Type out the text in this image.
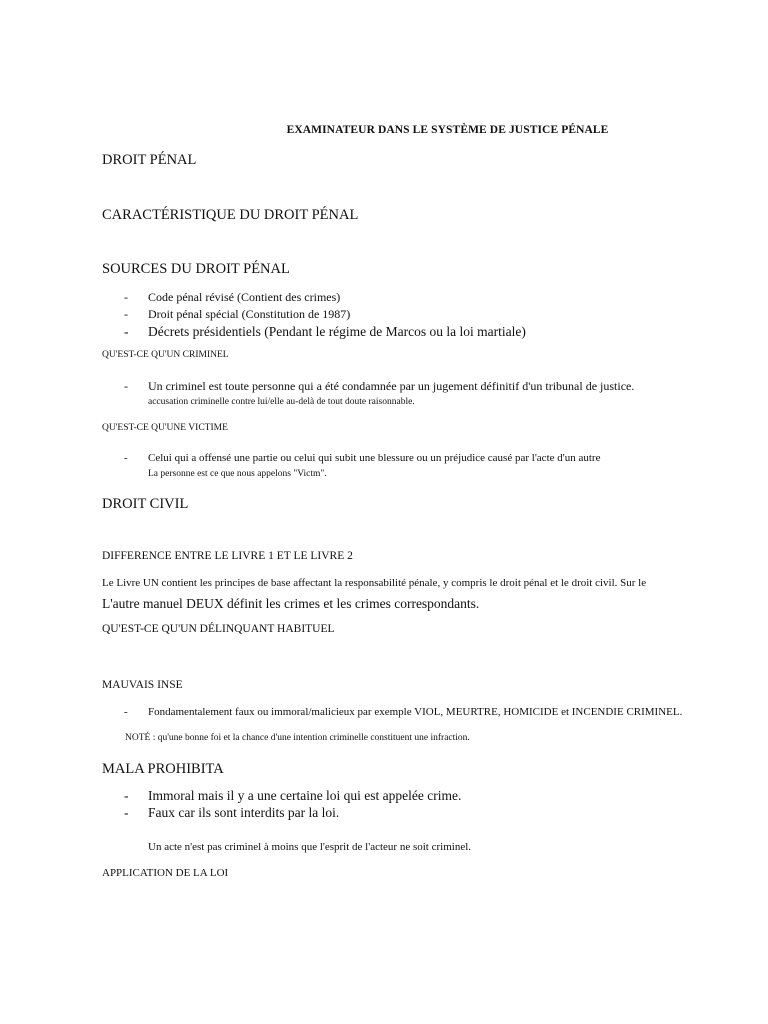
EXAMINATEUR DANS LE SYSTÈME DE JUSTICE PÉNALE
DROIT PÉNAL
CARACTÉRISTIQUE DU DROIT PÉNAL
SOURCES DU DROIT PÉNAL
- Code pénal révisé (Contient des crimes)
- Droit pénal spécial (Constitution de 1987)
- Décrets présidentiels (Pendant le régime de Marcos ou la loi martiale)
QU'EST-CE QU'UN CRIMINEL
- Un criminel est toute personne qui a été condamnée par un jugement définitif d'un tribunal de justice.
accusation criminelle contre lui/elle au-delà de tout doute raisonnable.
QU'EST-CE QU'UNE VICTIME
- Celui qui a offensé une partie ou celui qui subit une blessure ou un préjudice causé par l'acte d'un autre
La personne est ce que nous appelons "Victm".
DROIT CIVIL
DIFFERENCE ENTRE LE LIVRE 1 ET LE LIVRE 2
Le Livre UN contient les principes de base affectant la responsabilité pénale, y compris le droit pénal et le droit civil. Sur le
L'autre manuel DEUX définit les crimes et les crimes correspondants.
QU'EST-CE QU'UN DÉLINQUANT HABITUEL
MAUVAIS INSE
- Fondamentalement faux ou immoral/malicieux par exemple VIOL, MEURTRE, HOMICIDE et INCENDIE CRIMINEL.
NOTÉ : qu'une bonne foi et la chance d'une intention criminelle constituent une infraction.
MALA PROHIBITA
- Immoral mais il y a une certaine loi qui est appelée crime.
- Faux car ils sont interdits par la loi.
Un acte n'est pas criminel à moins que l'esprit de l'acteur ne soit criminel.
APPLICATION DE LA LOI
